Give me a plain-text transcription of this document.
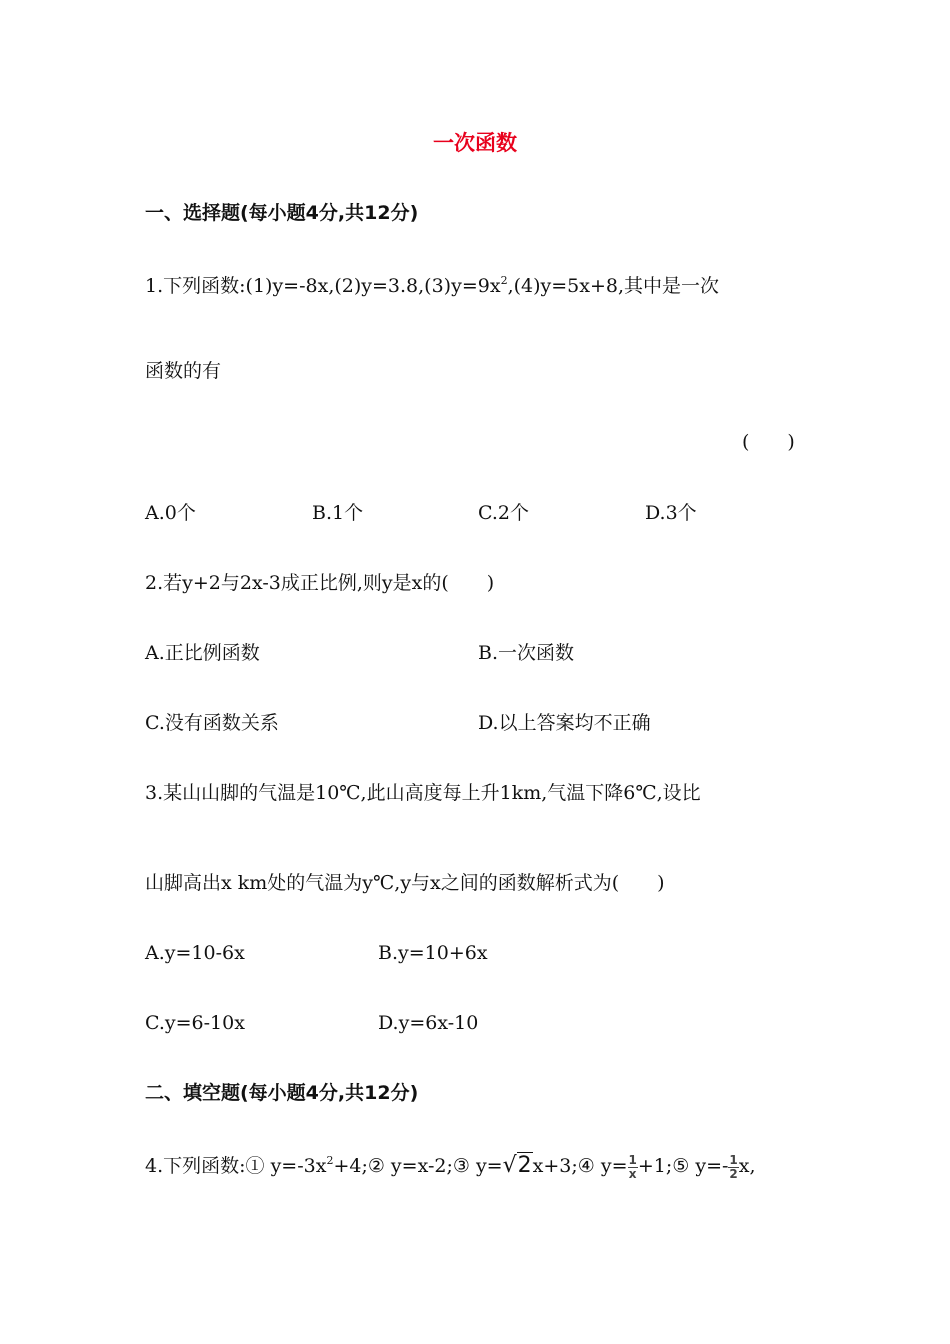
一次函数
一、选择题(每小题4分,共12分)
1.下列函数$:(1)y=-8x,(2)y=3.8,(3)y=9x^2,(4)y=5x+8$,其中是一次
函数的有
(　　)
A.0个	B.1个	C.2个	D.3个
2.若y+2与2x-3成正比例,则y是x的(　　)
A.正比例函数	B.一次函数
C.没有函数关系	D.以上答案均不正确
3.某山山脚的气温是10℃,此山高度每上升1km,气温下降6℃,设比
山脚高出x km处的气温为y℃,y与x之间的函数解析式为(　　)
A.y=10-6x	B.y=10+6x
C.y=6-10x	D.y=6x-10
二、填空题(每小题4分,共12分)
4.下列函数:① $y=-3x^2+4;②$ y=x-2;③ y=√2x+3;④ $y= \frac{1}{x}$ +1;⑤ $y=- \frac{1}{2} x$,
